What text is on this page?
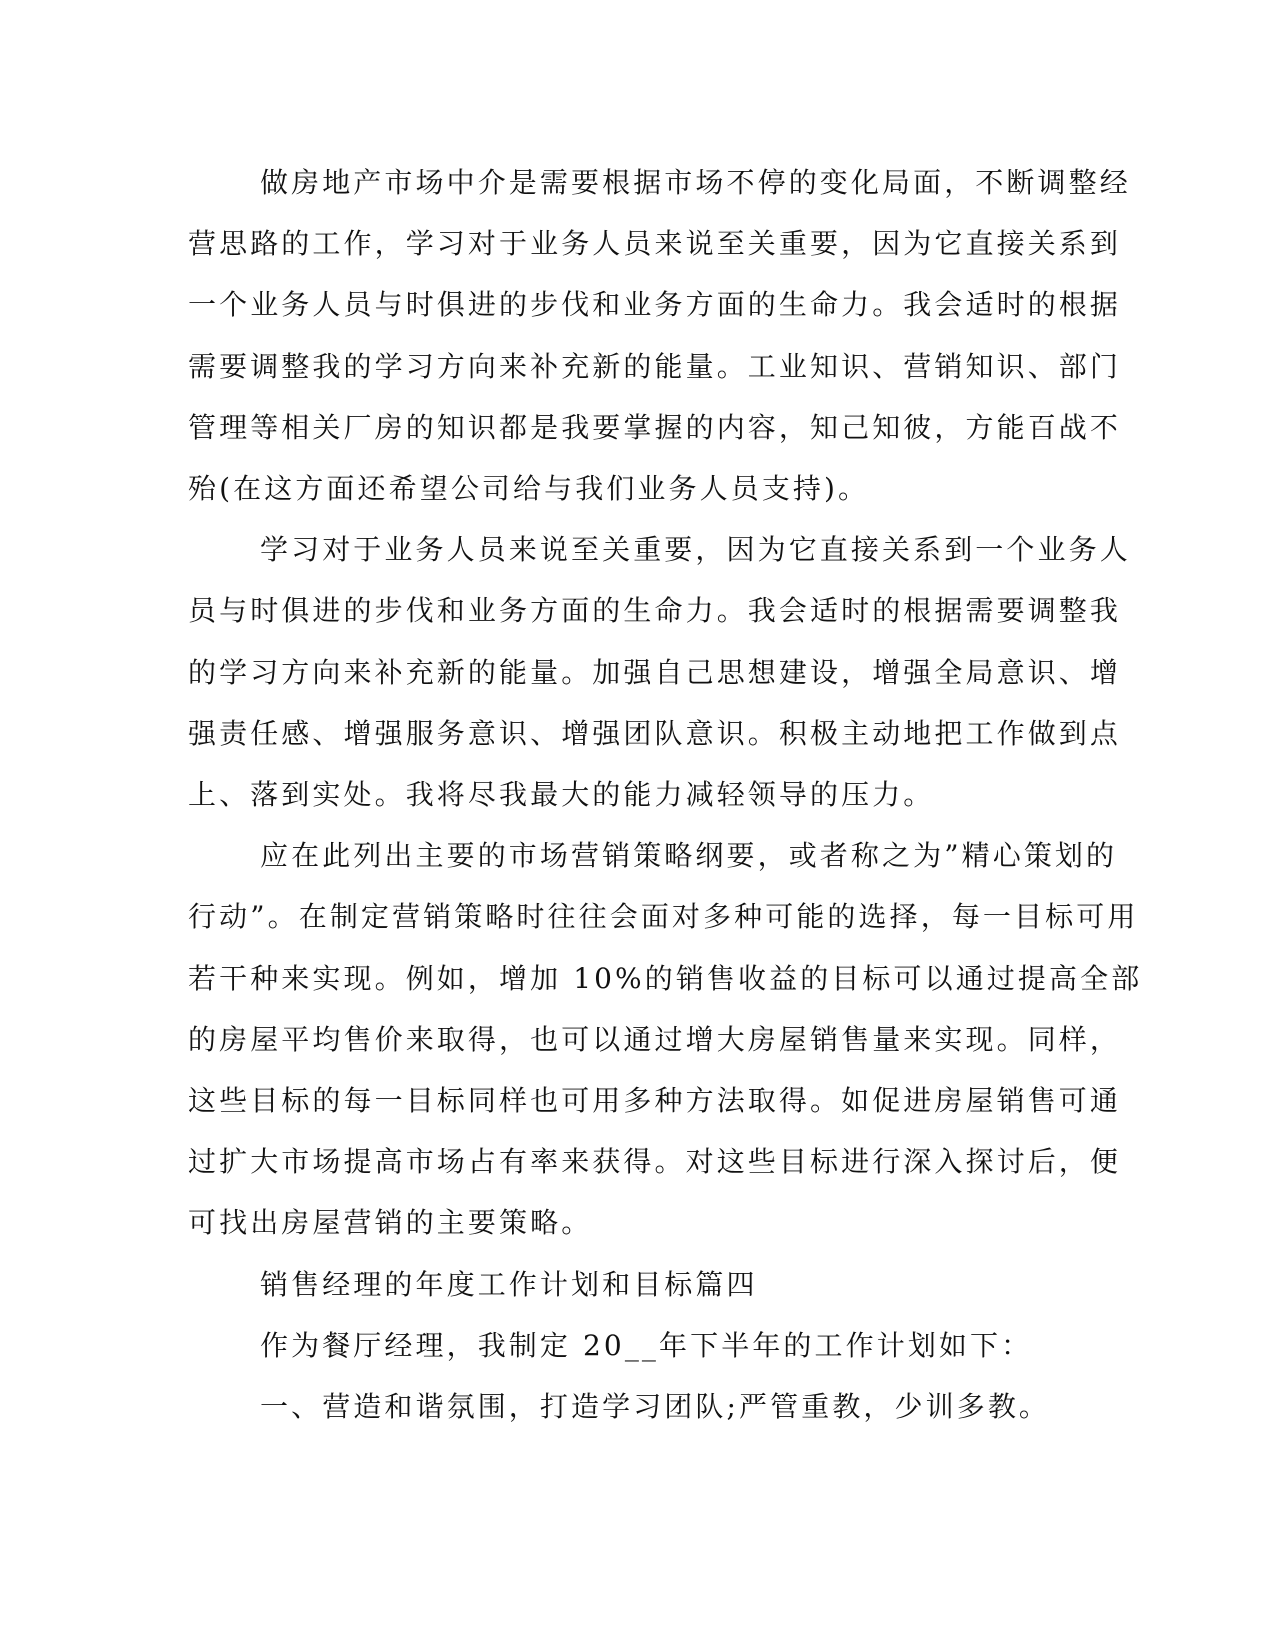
做房地产市场中介是需要根据市场不停的变化局面，不断调整经
营思路的工作，学习对于业务人员来说至关重要，因为它直接关系到
一个业务人员与时俱进的步伐和业务方面的生命力。我会适时的根据
需要调整我的学习方向来补充新的能量。工业知识、营销知识、部门
管理等相关厂房的知识都是我要掌握的内容，知己知彼，方能百战不
殆(在这方面还希望公司给与我们业务人员支持)。
学习对于业务人员来说至关重要，因为它直接关系到一个业务人
员与时俱进的步伐和业务方面的生命力。我会适时的根据需要调整我
的学习方向来补充新的能量。加强自己思想建设，增强全局意识、增
强责任感、增强服务意识、增强团队意识。积极主动地把工作做到点
上、落到实处。我将尽我最大的能力减轻领导的压力。
应在此列出主要的市场营销策略纲要，或者称之为”精心策划的
行动”。在制定营销策略时往往会面对多种可能的选择，每一目标可用
若干种来实现。例如，增加 10%的销售收益的目标可以通过提高全部
的房屋平均售价来取得，也可以通过增大房屋销售量来实现。同样，
这些目标的每一目标同样也可用多种方法取得。如促进房屋销售可通
过扩大市场提高市场占有率来获得。对这些目标进行深入探讨后，便
可找出房屋营销的主要策略。
销售经理的年度工作计划和目标篇四
作为餐厅经理，我制定 20__年下半年的工作计划如下：
一、营造和谐氛围，打造学习团队;严管重教，少训多教。
